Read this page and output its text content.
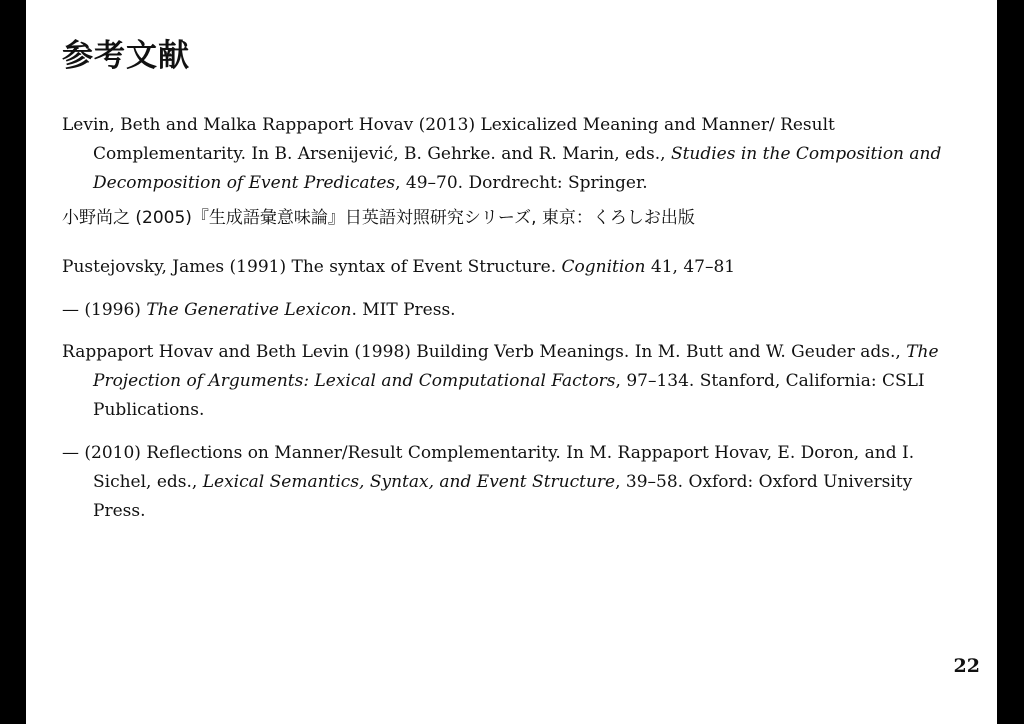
参考文献

Levin, Beth and Malka Rappaport Hovav (2013) Lexicalized Meaning and Manner/ Result Complementarity. In B. Arsenijević, B. Gehrke. and R. Marin, eds., Studies in the Composition and Decomposition of Event Predicates, 49–70. Dordrecht: Springer.

小野尚之 (2005)『生成語彙意味論』日英語対照研究シリーズ, 東京：くろしお出版

Pustejovsky, James (1991) The syntax of Event Structure. Cognition 41, 47–81

— (1996) The Generative Lexicon. MIT Press.

Rappaport Hovav and Beth Levin (1998) Building Verb Meanings. In M. Butt and W. Geuder ads., The Projection of Arguments: Lexical and Computational Factors, 97–134. Stanford, California: CSLI Publications.

— (2010) Reflections on Manner/Result Complementarity. In M. Rappaport Hovav, E. Doron, and I. Sichel, eds., Lexical Semantics, Syntax, and Event Structure, 39–58. Oxford: Oxford University Press.

22
